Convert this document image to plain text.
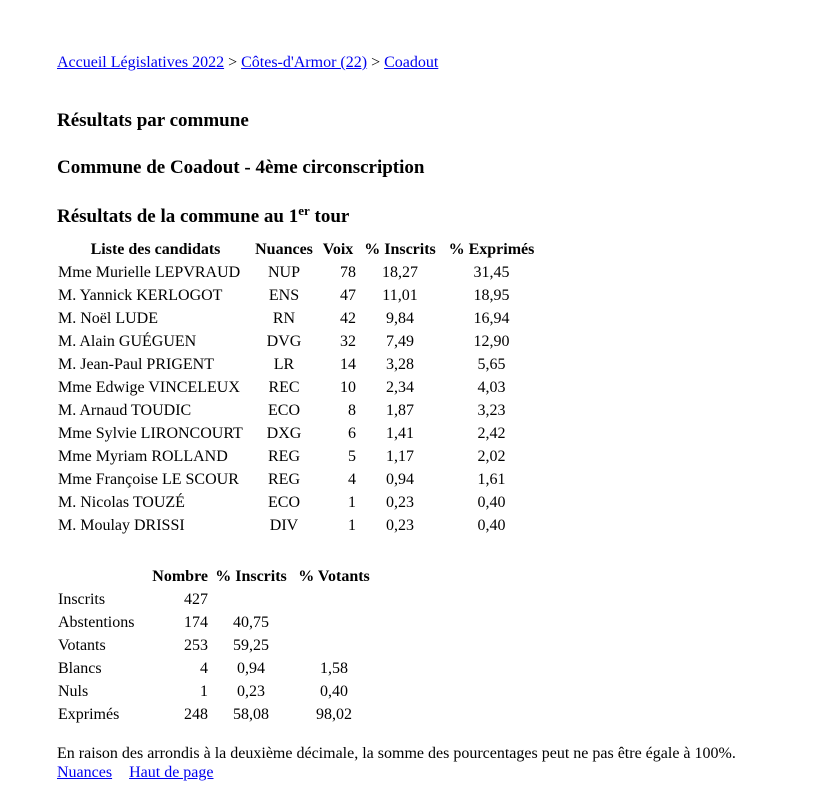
Accueil Législatives 2022 > Côtes-d'Armor (22) > Coadout
Résultats par commune
Commune de Coadout - 4ème circonscription
Résultats de la commune au 1er tour
Liste des candidats	Nuances	Voix	% Inscrits	% Exprimés
Mme Murielle LEPVRAUD	NUP	78	18,27	31,45
M. Yannick KERLOGOT	ENS	47	11,01	18,95
M. Noël LUDE	RN	42	9,84	16,94
M. Alain GUÉGUEN	DVG	32	7,49	12,90
M. Jean-Paul PRIGENT	LR	14	3,28	5,65
Mme Edwige VINCELEUX	REC	10	2,34	4,03
M. Arnaud TOUDIC	ECO	8	1,87	3,23
Mme Sylvie LIRONCOURT	DXG	6	1,41	2,42
Mme Myriam ROLLAND	REG	5	1,17	2,02
Mme Françoise LE SCOUR	REG	4	0,94	1,61
M. Nicolas TOUZÉ	ECO	1	0,23	0,40
M. Moulay DRISSI	DIV	1	0,23	0,40
	Nombre	% Inscrits	% Votants
Inscrits	427		
Abstentions	174	40,75	
Votants	253	59,25	
Blancs	4	0,94	1,58
Nuls	1	0,23	0,40
Exprimés	248	58,08	98,02
En raison des arrondis à la deuxième décimale, la somme des pourcentages peut ne pas être égale à 100%.
Nuances Haut de page
